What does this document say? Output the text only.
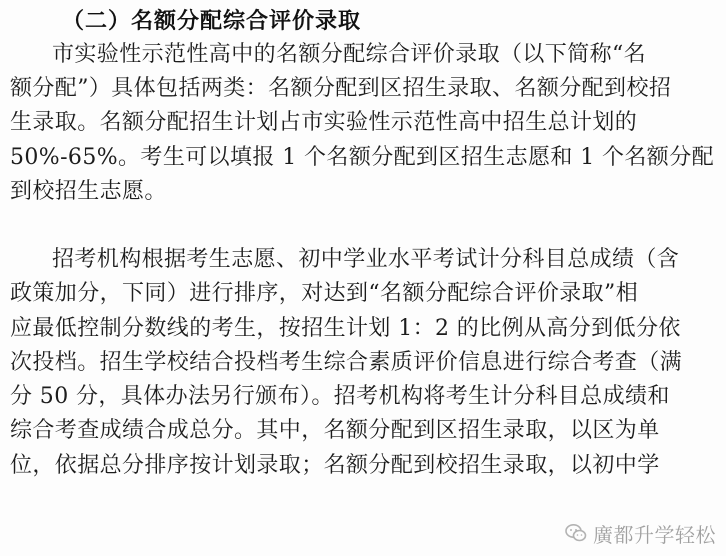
（二）名额分配综合评价录取
市实验性示范性高中的名额分配综合评价录取（以下简称“名
额分配”）具体包括两类：名额分配到区招生录取、名额分配到校招
生录取。名额分配招生计划占市实验性示范性高中招生总计划的
50%-65%。考生可以填报 1 个名额分配到区招生志愿和 1 个名额分配
到校招生志愿。
招考机构根据考生志愿、初中学业水平考试计分科目总成绩（含
政策加分，下同）进行排序，对达到“名额分配综合评价录取”相
应最低控制分数线的考生，按招生计划 1：2 的比例从高分到低分依
次投档。招生学校结合投档考生综合素质评价信息进行综合考查（满
分 50 分，具体办法另行颁布）。招考机构将考生计分科目总成绩和
综合考查成绩合成总分。其中，名额分配到区招生录取，以区为单
位，依据总分排序按计划录取；名额分配到校招生录取，以初中学
廣都升学轻松
